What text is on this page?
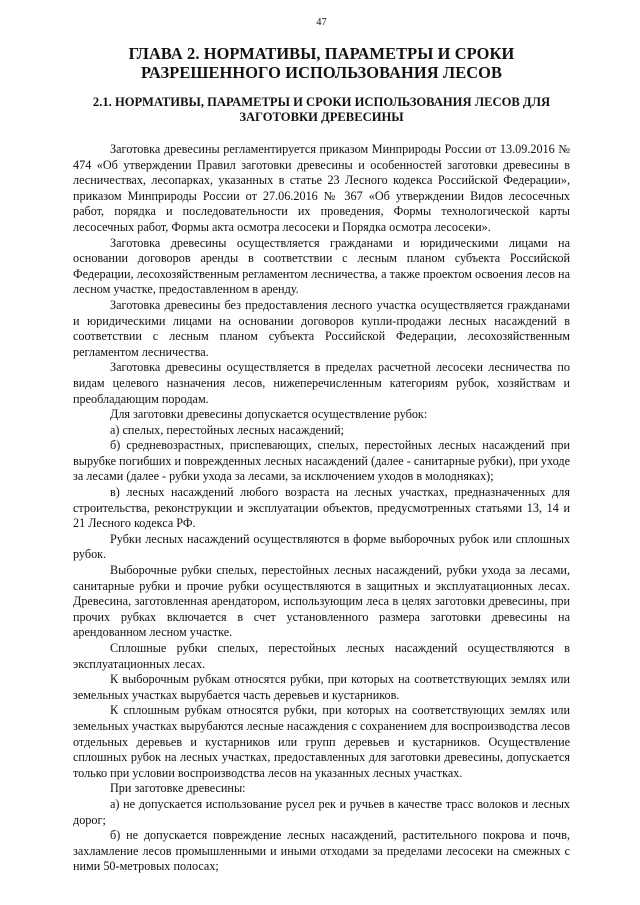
47
ГЛАВА 2. НОРМАТИВЫ, ПАРАМЕТРЫ И СРОКИ РАЗРЕШЕННОГО ИСПОЛЬЗОВАНИЯ ЛЕСОВ
2.1. НОРМАТИВЫ, ПАРАМЕТРЫ И СРОКИ ИСПОЛЬЗОВАНИЯ ЛЕСОВ ДЛЯ ЗАГОТОВКИ ДРЕВЕСИНЫ

Заготовка древесины регламентируется приказом Минприроды России от 13.09.2016 № 474 «Об утверждении Правил заготовки древесины и особенностей заготовки древесины в лесничествах, лесопарках, указанных в статье 23 Лесного кодекса Российской Федерации», приказом Минприроды России от 27.06.2016 № 367 «Об утверждении Видов лесосечных работ, порядка и последовательности их проведения, Формы технологической карты лесосечных работ, Формы акта осмотра лесосеки и Порядка осмотра лесосеки».

Заготовка древесины осуществляется гражданами и юридическими лицами на основании договоров аренды в соответствии с лесным планом субъекта Российской Федерации, лесохозяйственным регламентом лесничества, а также проектом освоения лесов на лесном участке, предоставленном в аренду.

Заготовка древесины без предоставления лесного участка осуществляется гражданами и юридическими лицами на основании договоров купли-продажи лесных насаждений в соответствии с лесным планом субъекта Российской Федерации, лесохозяйственным регламентом лесничества.

Заготовка древесины осуществляется в пределах расчетной лесосеки лесничества по видам целевого назначения лесов, нижеперечисленным категориям рубок, хозяйствам и преобладающим породам.

Для заготовки древесины допускается осуществление рубок:

а) спелых, перестойных лесных насаждений;

б) средневозрастных, приспевающих, спелых, перестойных лесных насаждений при вырубке погибших и поврежденных лесных насаждений (далее - санитарные рубки), при уходе за лесами (далее - рубки ухода за лесами, за исключением уходов в молодняках);

в) лесных насаждений любого возраста на лесных участках, предназначенных для строительства, реконструкции и эксплуатации объектов, предусмотренных статьями 13, 14 и 21 Лесного кодекса РФ.

Рубки лесных насаждений осуществляются в форме выборочных рубок или сплошных рубок.

Выборочные рубки спелых, перестойных лесных насаждений, рубки ухода за лесами, санитарные рубки и прочие рубки осуществляются в защитных и эксплуатационных лесах. Древесина, заготовленная арендатором, использующим леса в целях заготовки древесины, при прочих рубках включается в счет установленного размера заготовки древесины на арендованном лесном участке.

Сплошные рубки спелых, перестойных лесных насаждений осуществляются в эксплуатационных лесах.

К выборочным рубкам относятся рубки, при которых на соответствующих землях или земельных участках вырубается часть деревьев и кустарников.

К сплошным рубкам относятся рубки, при которых на соответствующих землях или земельных участках вырубаются лесные насаждения с сохранением для воспроизводства лесов отдельных деревьев и кустарников или групп деревьев и кустарников. Осуществление сплошных рубок на лесных участках, предоставленных для заготовки древесины, допускается только при условии воспроизводства лесов на указанных лесных участках.

При заготовке древесины:

а) не допускается использование русел рек и ручьев в качестве трасс волоков и лесных дорог;

б) не допускается повреждение лесных насаждений, растительного покрова и почв, захламление лесов промышленными и иными отходами за пределами лесосеки на смежных с ними 50-метровых полосах;
